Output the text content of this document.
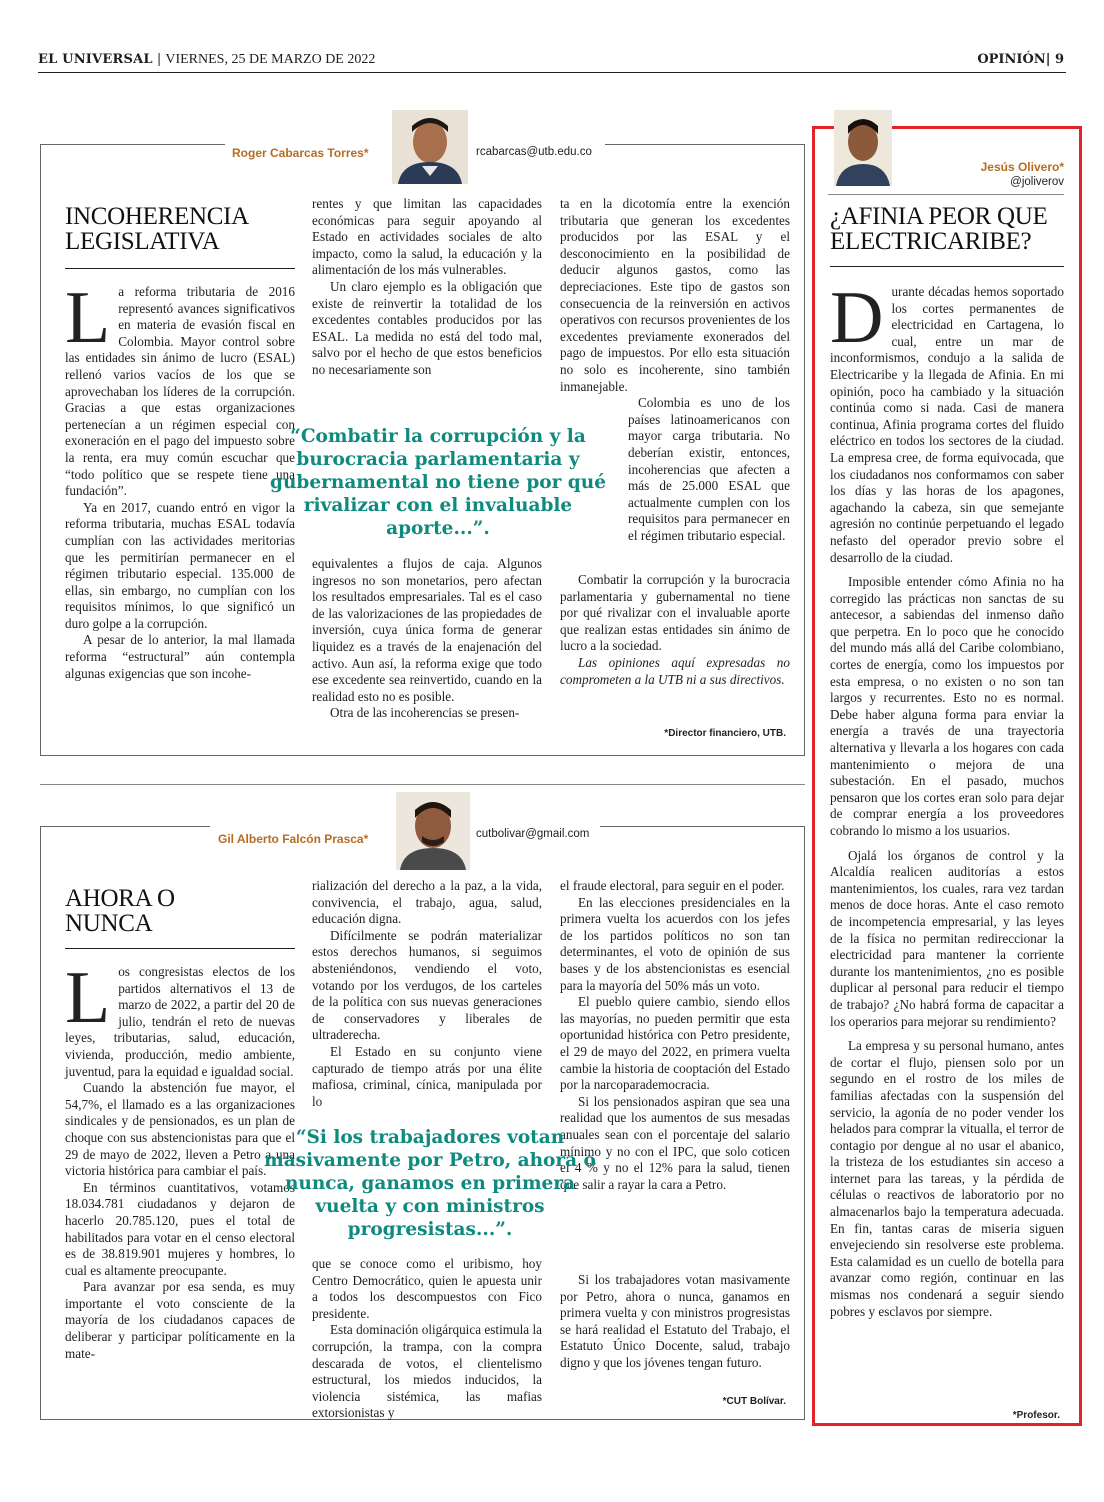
EL UNIVERSAL | VIERNES, 25 DE MARZO DE 2022	OPINIÓN| 9
Roger Cabarcas Torres*	rcabarcas@utb.edu.co
INCOHERENCIA
LEGISLATIVA
L a reforma tributaria de 2016 representó avances significativos en materia de evasión fiscal en Colombia. Mayor control sobre las entidades sin ánimo de lucro (ESAL) rellenó varios vacíos de los que se aprovechaban los líderes de la corrupción. Gracias a que estas organizaciones pertenecían a un régimen especial con exoneración en el pago del impuesto sobre la renta, era muy común escuchar que “todo político que se respete tiene una fundación”.

Ya en 2017, cuando entró en vigor la reforma tributaria, muchas ESAL todavía cumplían con las actividades meritorias que les permitirían permanecer en el régimen tributario especial. 135.000 de ellas, sin embargo, no cumplían con los requisitos mínimos, lo que significó un duro golpe a la corrupción.

A pesar de lo anterior, la mal llamada reforma “estructural” aún contempla algunas exigencias que son incohe-

rentes y que limitan las capacidades económicas para seguir apoyando al Estado en actividades sociales de alto impacto, como la salud, la educación y la alimentación de los más vulnerables.

Un claro ejemplo es la obligación que existe de reinvertir la totalidad de los excedentes contables producidos por las ESAL. La medida no está del todo mal, salvo por el hecho de que estos beneficios no necesariamente son

equivalentes a flujos de caja. Algunos ingresos no son monetarios, pero afectan los resultados empresariales. Tal es el caso de las valorizaciones de las propiedades de inversión, cuya única forma de generar liquidez es a través de la enajenación del activo. Aun así, la reforma exige que todo ese excedente sea reinvertido, cuando en la realidad esto no es posible.

Otra de las incoherencias se presen-

ta en la dicotomía entre la exención tributaria que generan los excedentes producidos por las ESAL y el desconocimiento en la posibilidad de deducir algunos gastos, como las depreciaciones. Este tipo de gastos son consecuencia de la reinversión en activos operativos con recursos provenientes de los excedentes previamente exonerados del pago de impuestos. Por ello esta situación no solo es incoherente, sino también inmanejable.

Colombia es uno de los países latinoamericanos con mayor carga tributaria. No deberían existir, entonces, incoherencias que afecten a más de 25.000 ESAL que actualmente cumplen con los requisitos para permanecer en el régimen tributario especial.

Combatir la corrupción y la burocracia parlamentaria y gubernamental no tiene por qué rivalizar con el invaluable aporte que realizan estas entidades sin ánimo de lucro a la sociedad.

Las opiniones aquí expresadas no comprometen a la UTB ni a sus directivos.

“Combatir la corrupción y la burocracia parlamentaria y gubernamental no tiene por qué rivalizar con el invaluable aporte...”.
*Director financiero, UTB.
Gil Alberto Falcón Prasca*	cutbolivar@gmail.com
AHORA O
NUNCA
L os congresistas electos de los partidos alternativos el 13 de marzo de 2022, a partir del 20 de julio, tendrán el reto de nuevas leyes, tributarias, salud, educación, vivienda, producción, medio ambiente, juventud, para la equidad e igualdad social.

Cuando la abstención fue mayor, el 54,7%, el llamado es a las organizaciones sindicales y de pensionados, es un plan de choque con sus abstencionistas para que el 29 de mayo de 2022, lleven a Petro a una victoria histórica para cambiar el país.

En términos cuantitativos, votamos 18.034.781 ciudadanos y dejaron de hacerlo 20.785.120, pues el total de habilitados para votar en el censo electoral es de 38.819.901 mujeres y hombres, lo cual es altamente preocupante.

Para avanzar por esa senda, es muy importante el voto consciente de la mayoría de los ciudadanos capaces de deliberar y participar políticamente en la mate-

rialización del derecho a la paz, a la vida, convivencia, el trabajo, agua, salud, educación digna.

Difícilmente se podrán materializar estos derechos humanos, si seguimos absteniéndonos, vendiendo el voto, votando por los verdugos, de los carteles de la política con sus nuevas generaciones de conservadores y liberales de ultraderecha.

El Estado en su conjunto viene capturado de tiempo atrás por una élite mafiosa, criminal, cínica, manipulada por lo

que se conoce como el uribismo, hoy Centro Democrático, quien le apuesta unir a todos los descompuestos con Fico presidente.

Esta dominación oligárquica estimula la corrupción, la trampa, con la compra descarada de votos, el clientelismo estructural, los miedos inducidos, la violencia sistémica, las mafias extorsionistas y

el fraude electoral, para seguir en el poder.

En las elecciones presidenciales en la primera vuelta los acuerdos con los jefes de los partidos políticos no son tan determinantes, el voto de opinión de sus bases y de los abstencionistas es esencial para la mayoría del 50% más un voto.

El pueblo quiere cambio, siendo ellos las mayorías, no pueden permitir que esta oportunidad histórica con Petro presidente, el 29 de mayo del 2022, en primera vuelta cambie la historia de cooptación del Estado por la narcoparademocracia.

Si los pensionados aspiran que sea una realidad que los aumentos de sus mesadas anuales sean con el porcentaje del salario mínimo y no con el IPC, que solo coticen el 4 % y no el 12% para la salud, tienen que salir a rayar la cara a Petro.

Si los trabajadores votan masivamente por Petro, ahora o nunca, ganamos en primera vuelta y con ministros progresistas se hará realidad el Estatuto del Trabajo, el Estatuto Único Docente, salud, trabajo digno y que los jóvenes tengan futuro.

“Si los trabajadores votan masivamente por Petro, ahora o nunca, ganamos en primera vuelta y con ministros progresistas...”.
*CUT Bolívar.
Jesús Olivero*
@joliverov
¿AFINIA PEOR QUE
ELECTRICARIBE?
D urante décadas hemos soportado los cortes permanentes de electricidad en Cartagena, lo cual, entre un mar de inconformismos, condujo a la salida de Electricaribe y la llegada de Afinia. En mi opinión, poco ha cambiado y la situación continúa como si nada. Casi de manera continua, Afinia programa cortes del fluido eléctrico en todos los sectores de la ciudad. La empresa cree, de forma equivocada, que los ciudadanos nos conformamos con saber los días y las horas de los apagones, agachando la cabeza, sin que semejante agresión no continúe perpetuando el legado nefasto del operador previo sobre el desarrollo de la ciudad.

Imposible entender cómo Afinia no ha corregido las prácticas non sanctas de su antecesor, a sabiendas del inmenso daño que perpetra. En lo poco que he conocido del mundo más allá del Caribe colombiano, cortes de energía, como los impuestos por esta empresa, o no existen o no son tan largos y recurrentes. Esto no es normal. Debe haber alguna forma para enviar la energía a través de una trayectoria alternativa y llevarla a los hogares con cada mantenimiento o mejora de una subestación. En el pasado, muchos pensaron que los cortes eran solo para dejar de comprar energía a los proveedores cobrando lo mismo a los usuarios.

Ojalá los órganos de control y la Alcaldía realicen auditorías a estos mantenimientos, los cuales, rara vez tardan menos de doce horas. Ante el caso remoto de incompetencia empresarial, y las leyes de la física no permitan redireccionar la electricidad para mantener la corriente durante los mantenimientos, ¿no es posible duplicar al personal para reducir el tiempo de trabajo? ¿No habrá forma de capacitar a los operarios para mejorar su rendimiento?

La empresa y su personal humano, antes de cortar el flujo, piensen solo por un segundo en el rostro de los miles de familias afectadas con la suspensión del servicio, la agonía de no poder vender los helados para comprar la vitualla, el terror de contagio por dengue al no usar el abanico, la tristeza de los estudiantes sin acceso a internet para las tareas, y la pérdida de células o reactivos de laboratorio por no almacenarlos bajo la temperatura adecuada. En fin, tantas caras de miseria siguen envejeciendo sin resolverse este problema. Esta calamidad es un cuello de botella para avanzar como región, continuar en las mismas nos condenará a seguir siendo pobres y esclavos por siempre.

*Profesor.
